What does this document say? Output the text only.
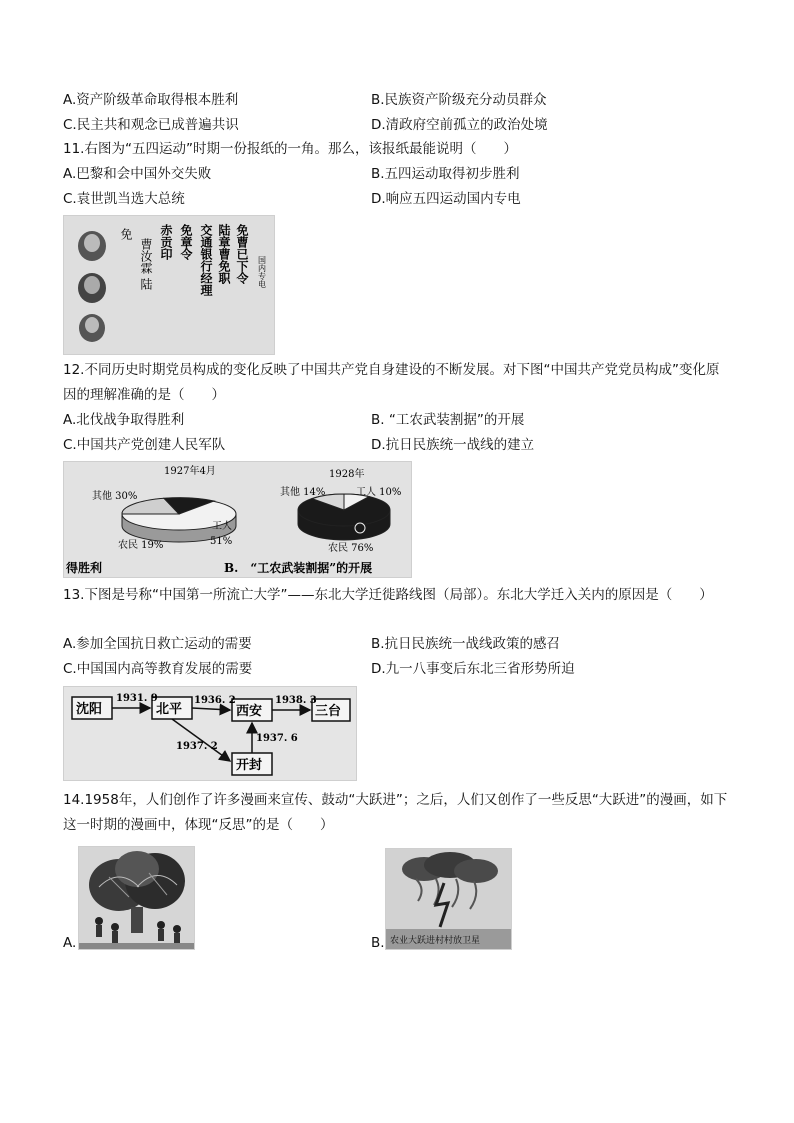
A.资产阶级革命取得根本胜利	B.民族资产阶级充分动员群众
C.民主共和观念已成普遍共识	D.清政府空前孤立的政治处境
11.右图为“五四运动”时期一份报纸的一角。那么，该报纸最能说明（　　）
A.巴黎和会中国外交失败	B.五四运动取得初步胜利
C.袁世凯当选大总统	D.响应五四运动国内专电
免
曹汝霖 陆 赤贡印 免章令 交通银行经理 陆章曹免职 免曹已下令 国内专电
12.不同历史时期党员构成的变化反映了中国共产党自身建设的不断发展。对下图“中国共产党党员构成”变化原因的理解准确的是（　　）
A.北伐战争取得胜利	B. “工农武装割据”的开展
C.中国共产党创建人民军队	D.抗日民族统一战线的建立
1927年4月
其他 30%
工人
51%
农民 19%
1928年
其他 14%	工人 10%
农民 76%
得胜利	B.　“工农武装割据”的开展
13.下图是号称“中国第一所流亡大学”——东北大学迁徙路线图（局部）。东北大学迁入关内的原因是（　　）
A.参加全国抗日救亡运动的需要	B.抗日民族统一战线政策的感召
C.中国国内高等教育发展的需要	D.九一八事变后东北三省形势所迫
沈阳	北平	西安	三台
开封
1931. 9	1936. 2	1938. 3
1937. 2
1937. 6
14.1958年，人们创作了许多漫画来宣传、鼓动“大跃进”；之后，人们又创作了一些反思“大跃进”的漫画，如下这一时期的漫画中，体现“反思”的是（　　）
A.	B. 农业大跃进村村放卫星
